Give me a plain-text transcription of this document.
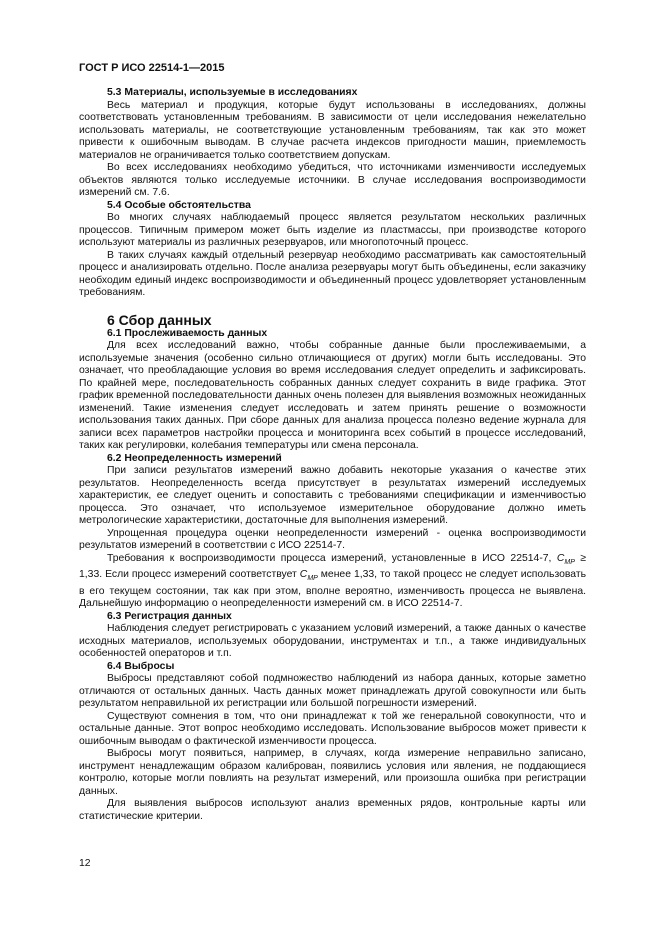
ГОСТ Р ИСО 22514-1—2015
5.3 Материалы, используемые в исследованиях

Весь материал и продукция, которые будут использованы в исследованиях, должны соответствовать установленным требованиям. В зависимости от цели исследования нежелательно использовать материалы, не соответствующие установленным требованиям, так как это может привести к ошибочным выводам. В случае расчета индексов пригодности машин, приемлемость материалов не ограничивается только соответствием допускам.

Во всех исследованиях необходимо убедиться, что источниками изменчивости исследуемых объектов являются только исследуемые источники. В случае исследования воспроизводимости измерений см. 7.6.

5.4 Особые обстоятельства

Во многих случаях наблюдаемый процесс является результатом нескольких различных процессов. Типичным примером может быть изделие из пластмассы, при производстве которого используют материалы из различных резервуаров, или многопоточный процесс.

В таких случаях каждый отдельный резервуар необходимо рассматривать как самостоятельный процесс и анализировать отдельно. После анализа резервуары могут быть объединены, если заказчику необходим единый индекс воспроизводимости и объединенный процесс удовлетворяет установленным требованиям.

6 Сбор данных
6.1 Прослеживаемость данных

Для всех исследований важно, чтобы собранные данные были прослеживаемыми, а используемые значения (особенно сильно отличающиеся от других) могли быть исследованы. Это означает, что преобладающие условия во время исследования следует определить и зафиксировать. По крайней мере, последовательность собранных данных следует сохранить в виде графика. Этот график временной последовательности данных очень полезен для выявления возможных неожиданных изменений. Такие изменения следует исследовать и затем принять решение о возможности использования таких данных. При сборе данных для анализа процесса полезно ведение журнала для записи всех параметров настройки процесса и мониторинга всех событий в процессе исследований, таких как регулировки, колебания температуры или смена персонала.

6.2 Неопределенность измерений

При записи результатов измерений важно добавить некоторые указания о качестве этих результатов. Неопределенность всегда присутствует в результатах измерений исследуемых характеристик, ее следует оценить и сопоставить с требованиями спецификации и изменчивостью процесса. Это означает, что используемое измерительное оборудование должно иметь метрологические характеристики, достаточные для выполнения измерений.

Упрощенная процедура оценки неопределенности измерений - оценка воспроизводимости результатов измерений в соответствии с ИСО 22514-7.

Требования к воспроизводимости процесса измерений, установленные в ИСО 22514-7, $C_{MP} \ge 1,33$. Если процесс измерений соответствует $C_{MP}$ менее 1,33, то такой процесс не следует использовать в его текущем состоянии, так как при этом, вполне вероятно, изменчивость процесса не выявлена. Дальнейшую информацию о неопределенности измерений см. в ИСО 22514-7.

6.3 Регистрация данных

Наблюдения следует регистрировать с указанием условий измерений, а также данных о качестве исходных материалов, используемых оборудовании, инструментах и т.п., а также индивидуальных особенностей операторов и т.п.

6.4 Выбросы

Выбросы представляют собой подмножество наблюдений из набора данных, которые заметно отличаются от остальных данных. Часть данных может принадлежать другой совокупности или быть результатом неправильной их регистрации или большой погрешности измерений.

Существуют сомнения в том, что они принадлежат к той же генеральной совокупности, что и остальные данные. Этот вопрос необходимо исследовать. Использование выбросов может привести к ошибочным выводам о фактической изменчивости процесса.

Выбросы могут появиться, например, в случаях, когда измерение неправильно записано, инструмент ненадлежащим образом калиброван, появились условия или явления, не поддающиеся контролю, которые могли повлиять на результат измерений, или произошла ошибка при регистрации данных.

Для выявления выбросов используют анализ временных рядов, контрольные карты или статистические критерии.

12
